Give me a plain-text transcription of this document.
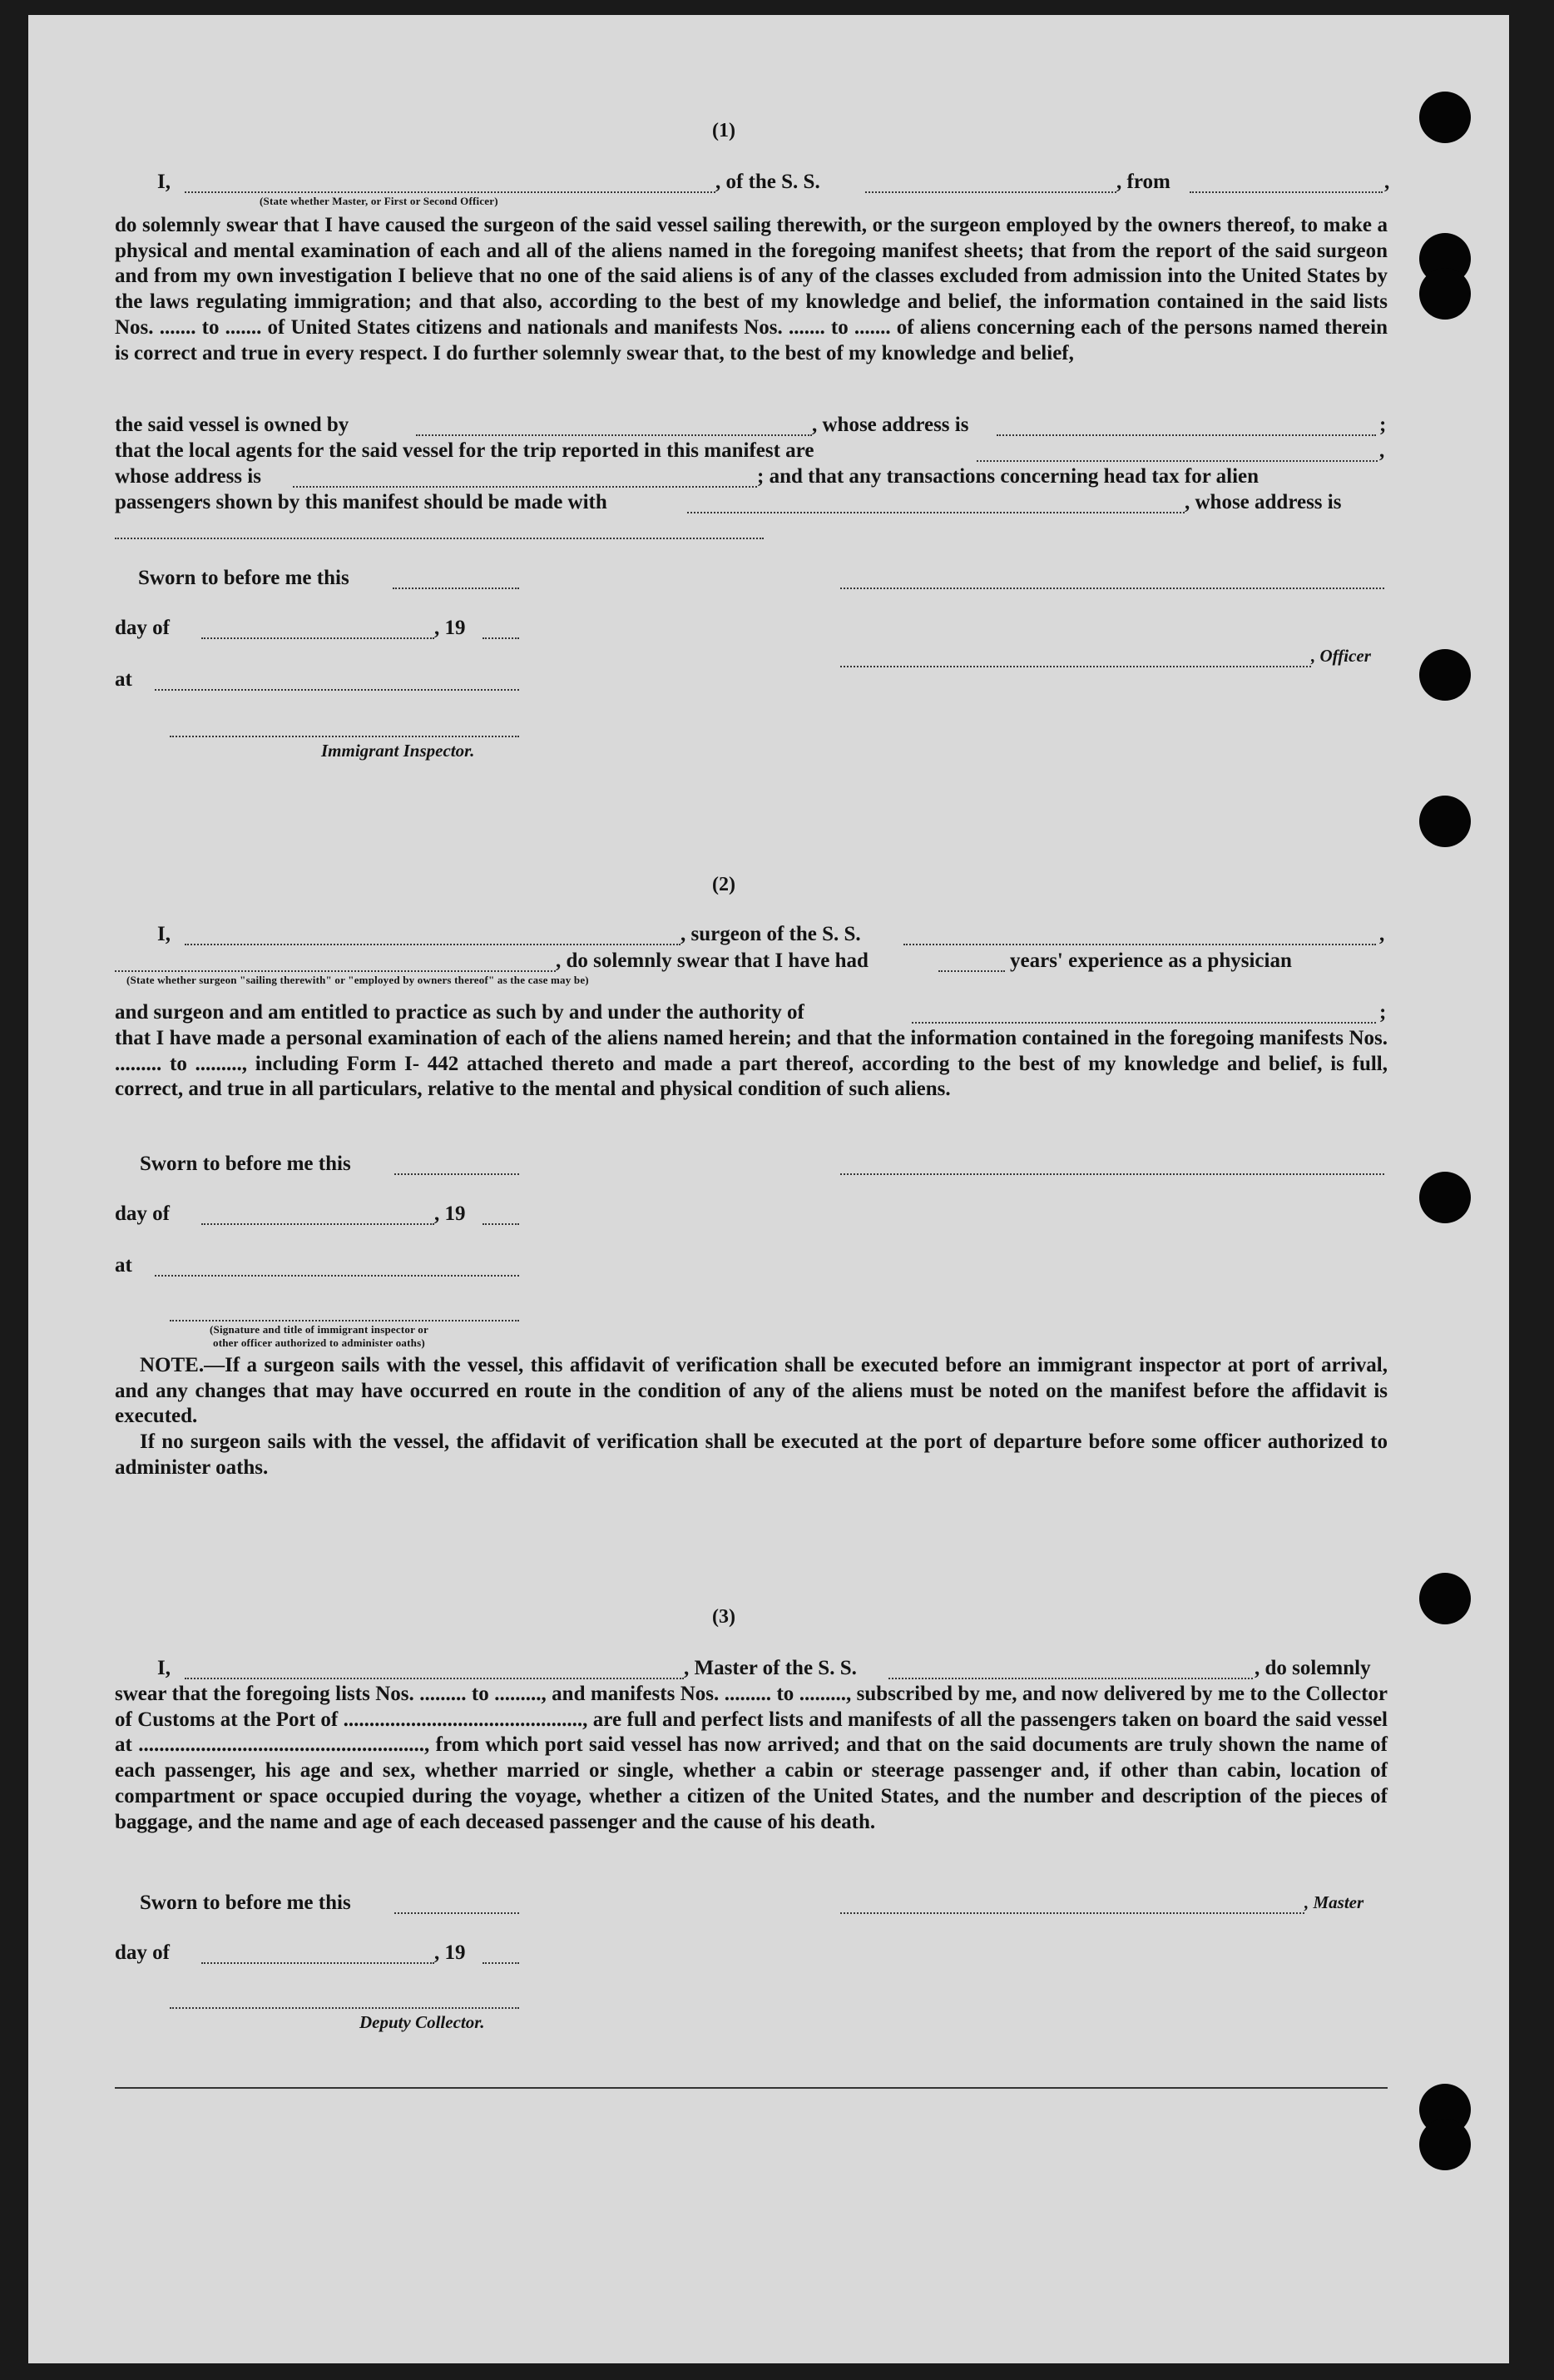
(1)
I,	, of the S. S.	, from	,
(State whether Master, or First or Second Officer)
do solemnly swear that I have caused the surgeon of the said vessel sailing therewith, or the surgeon employed by the owners thereof, to make a physical and mental examination of each and all of the aliens named in the foregoing manifest sheets; that from the report of the said surgeon and from my own investigation I believe that no one of the said aliens is of any of the classes excluded from admission into the United States by the laws regulating immigration; and that also, according to the best of my knowledge and belief, the information contained in the said lists Nos. ....... to ....... of United States citizens and nationals and manifests Nos. ....... to ....... of aliens concerning each of the persons named therein is correct and true in every respect. I do further solemnly swear that, to the best of my knowledge and belief,
the said vessel is owned by	, whose address is	;
that the local agents for the said vessel for the trip reported in this manifest are	,
whose address is	; and that any transactions concerning head tax for alien
passengers shown by this manifest should be made with	, whose address is
Sworn to before me this
day of	, 19
, Officer
at
Immigrant Inspector.
(2)
I,	, surgeon of the S. S.	,
, do solemnly swear that I have had	years' experience as a physician
(State whether surgeon "sailing therewith" or "employed by owners thereof" as the case may be)
and surgeon and am entitled to practice as such by and under the authority of	;
that I have made a personal examination of each of the aliens named herein; and that the information contained in the foregoing manifests Nos. ......... to ........., including Form I- 442 attached thereto and made a part thereof, according to the best of my knowledge and belief, is full, correct, and true in all particulars, relative to the mental and physical condition of such aliens.
Sworn to before me this
day of	, 19
at
(Signature and title of immigrant inspector or
other officer authorized to administer oaths)
NOTE.—If a surgeon sails with the vessel, this affidavit of verification shall be executed before an immigrant inspector at port of arrival, and any changes that may have occurred en route in the condition of any of the aliens must be noted on the manifest before the affidavit is executed.
If no surgeon sails with the vessel, the affidavit of verification shall be executed at the port of departure before some officer authorized to administer oaths.
(3)
I,	, Master of the S. S.	, do solemnly
swear that the foregoing lists Nos. ......... to ........., and manifests Nos. ......... to ........., subscribed by me, and now delivered by me to the Collector of Customs at the Port of .............................................., are full and perfect lists and manifests of all the passengers taken on board the said vessel at ......................................................., from which port said vessel has now arrived; and that on the said documents are truly shown the name of each passenger, his age and sex, whether married or single, whether a cabin or steerage passenger and, if other than cabin, location of compartment or space occupied during the voyage, whether a citizen of the United States, and the number and description of the pieces of baggage, and the name and age of each deceased passenger and the cause of his death.
Sworn to before me this	, Master
day of	, 19
Deputy Collector.
